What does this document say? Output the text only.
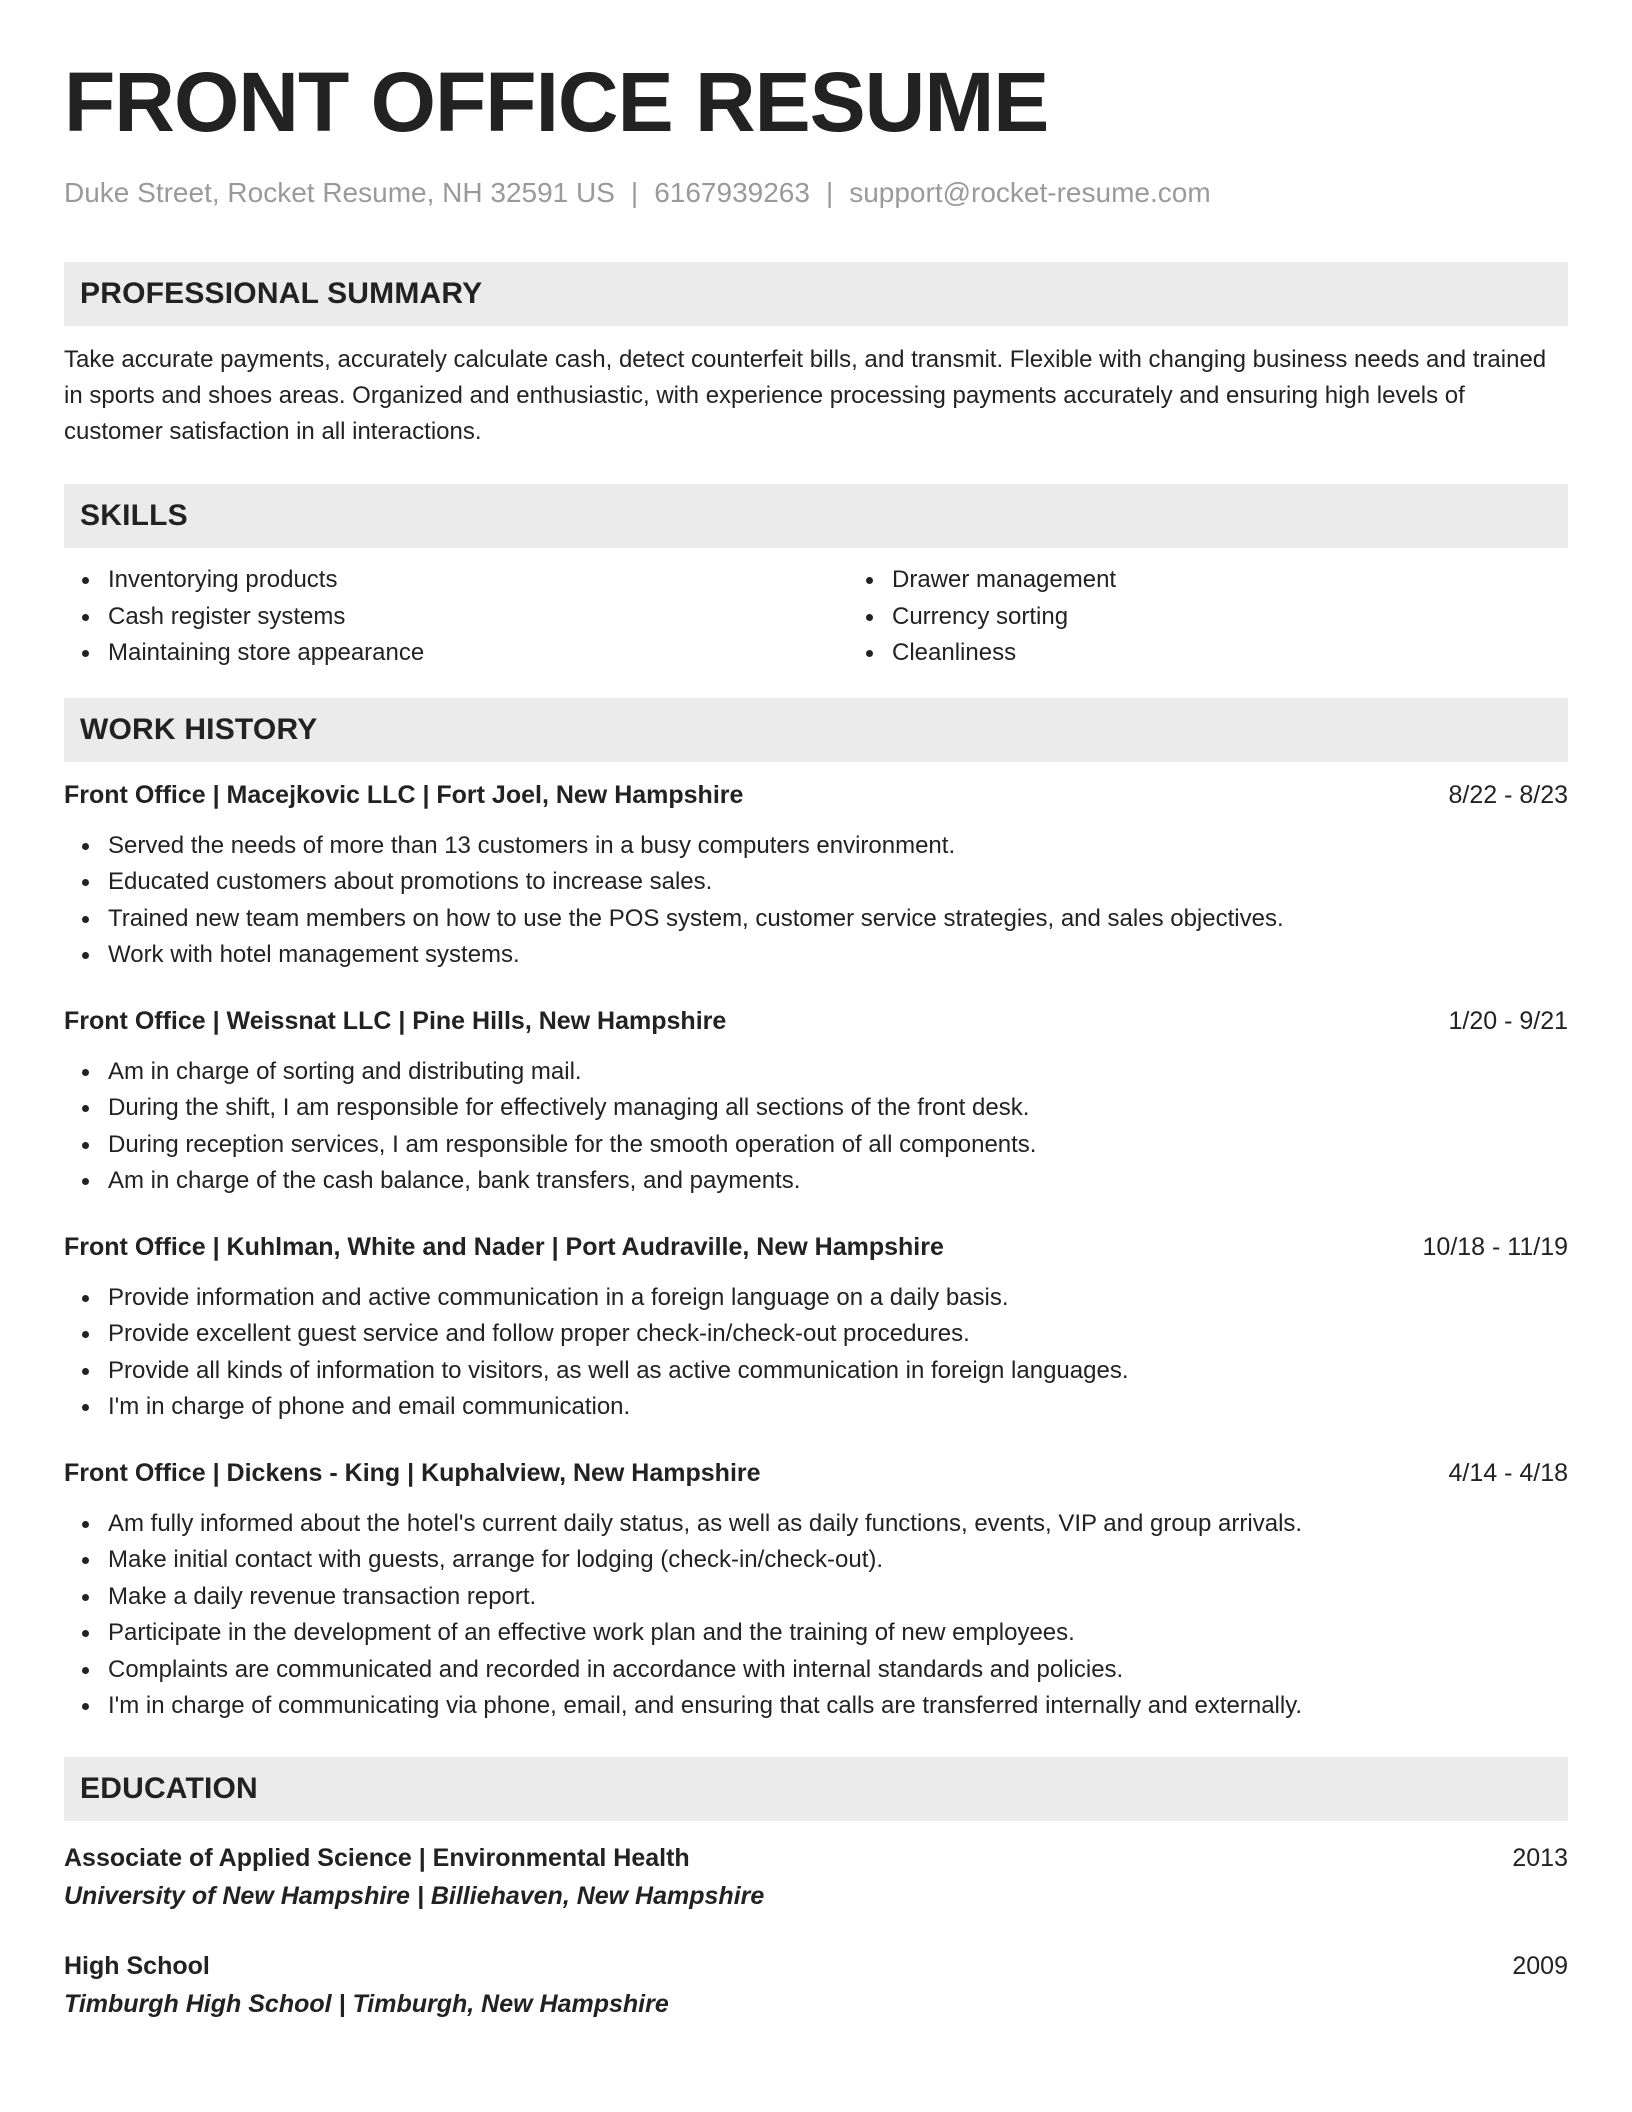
FRONT OFFICE RESUME
Duke Street, Rocket Resume, NH 32591 US | 6167939263 | support@rocket-resume.com
PROFESSIONAL SUMMARY
Take accurate payments, accurately calculate cash, detect counterfeit bills, and transmit. Flexible with changing business needs and trained in sports and shoes areas. Organized and enthusiastic, with experience processing payments accurately and ensuring high levels of customer satisfaction in all interactions.
SKILLS
Inventorying products
Cash register systems
Maintaining store appearance
Drawer management
Currency sorting
Cleanliness
WORK HISTORY
Front Office | Macejkovic LLC | Fort Joel, New Hampshire	8/22 - 8/23
Served the needs of more than 13 customers in a busy computers environment.
Educated customers about promotions to increase sales.
Trained new team members on how to use the POS system, customer service strategies, and sales objectives.
Work with hotel management systems.
Front Office | Weissnat LLC | Pine Hills, New Hampshire	1/20 - 9/21
Am in charge of sorting and distributing mail.
During the shift, I am responsible for effectively managing all sections of the front desk.
During reception services, I am responsible for the smooth operation of all components.
Am in charge of the cash balance, bank transfers, and payments.
Front Office | Kuhlman, White and Nader | Port Audraville, New Hampshire	10/18 - 11/19
Provide information and active communication in a foreign language on a daily basis.
Provide excellent guest service and follow proper check-in/check-out procedures.
Provide all kinds of information to visitors, as well as active communication in foreign languages.
I'm in charge of phone and email communication.
Front Office | Dickens - King | Kuphalview, New Hampshire	4/14 - 4/18
Am fully informed about the hotel's current daily status, as well as daily functions, events, VIP and group arrivals.
Make initial contact with guests, arrange for lodging (check-in/check-out).
Make a daily revenue transaction report.
Participate in the development of an effective work plan and the training of new employees.
Complaints are communicated and recorded in accordance with internal standards and policies.
I'm in charge of communicating via phone, email, and ensuring that calls are transferred internally and externally.
EDUCATION
Associate of Applied Science | Environmental Health	2013
University of New Hampshire | Billiehaven, New Hampshire
High School	2009
Timburgh High School | Timburgh, New Hampshire
